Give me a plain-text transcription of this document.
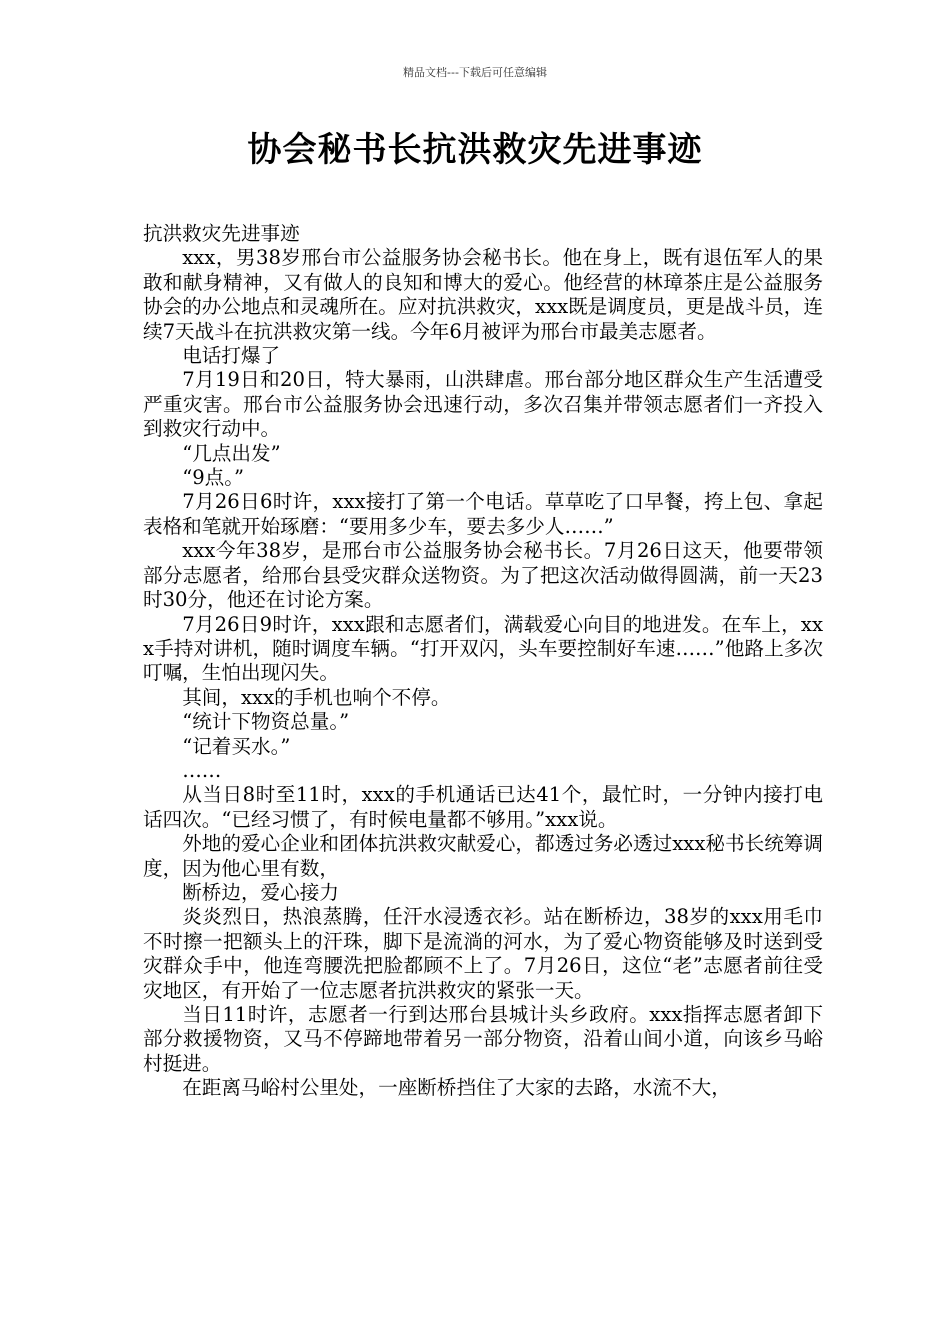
精品文档---下载后可任意编辑
协会秘书长抗洪救灾先进事迹

抗洪救灾先进事迹

xxx，男38岁邢台市公益服务协会秘书长。他在身上，既有退伍军人的果敢和献身精神，又有做人的良知和博大的爱心。他经营的林璋茶庄是公益服务协会的办公地点和灵魂所在。应对抗洪救灾，xxx既是调度员，更是战斗员，连续7天战斗在抗洪救灾第一线。今年6月被评为邢台市最美志愿者。

电话打爆了

7月19日和20日，特大暴雨，山洪肆虐。邢台部分地区群众生产生活遭受严重灾害。邢台市公益服务协会迅速行动，多次召集并带领志愿者们一齐投入到救灾行动中。

“几点出发”

“9点。”

7月26日6时许，xxx接打了第一个电话。草草吃了口早餐，挎上包、拿起表格和笔就开始琢磨：“要用多少车，要去多少人……”

xxx今年38岁，是邢台市公益服务协会秘书长。7月26日这天，他要带领部分志愿者，给邢台县受灾群众送物资。为了把这次活动做得圆满，前一天23时30分，他还在讨论方案。

7月26日9时许，xxx跟和志愿者们，满载爱心向目的地进发。在车上，xxx手持对讲机，随时调度车辆。“打开双闪，头车要控制好车速……”他路上多次叮嘱，生怕出现闪失。

其间，xxx的手机也响个不停。

“统计下物资总量。”

“记着买水。”

……

从当日8时至11时，xxx的手机通话已达41个，最忙时，一分钟内接打电话四次。“已经习惯了，有时候电量都不够用。”xxx说。

外地的爱心企业和团体抗洪救灾献爱心，都透过务必透过xxx秘书长统筹调度，因为他心里有数，

断桥边，爱心接力

炎炎烈日，热浪蒸腾，任汗水浸透衣衫。站在断桥边，38岁的xxx用毛巾不时擦一把额头上的汗珠，脚下是流淌的河水，为了爱心物资能够及时送到受灾群众手中，他连弯腰洗把脸都顾不上了。7月26日，这位“老”志愿者前往受灾地区，有开始了一位志愿者抗洪救灾的紧张一天。

当日11时许，志愿者一行到达邢台县城计头乡政府。xxx指挥志愿者卸下部分救援物资，又马不停蹄地带着另一部分物资，沿着山间小道，向该乡马峪村挺进。

在距离马峪村公里处，一座断桥挡住了大家的去路，水流不大，
